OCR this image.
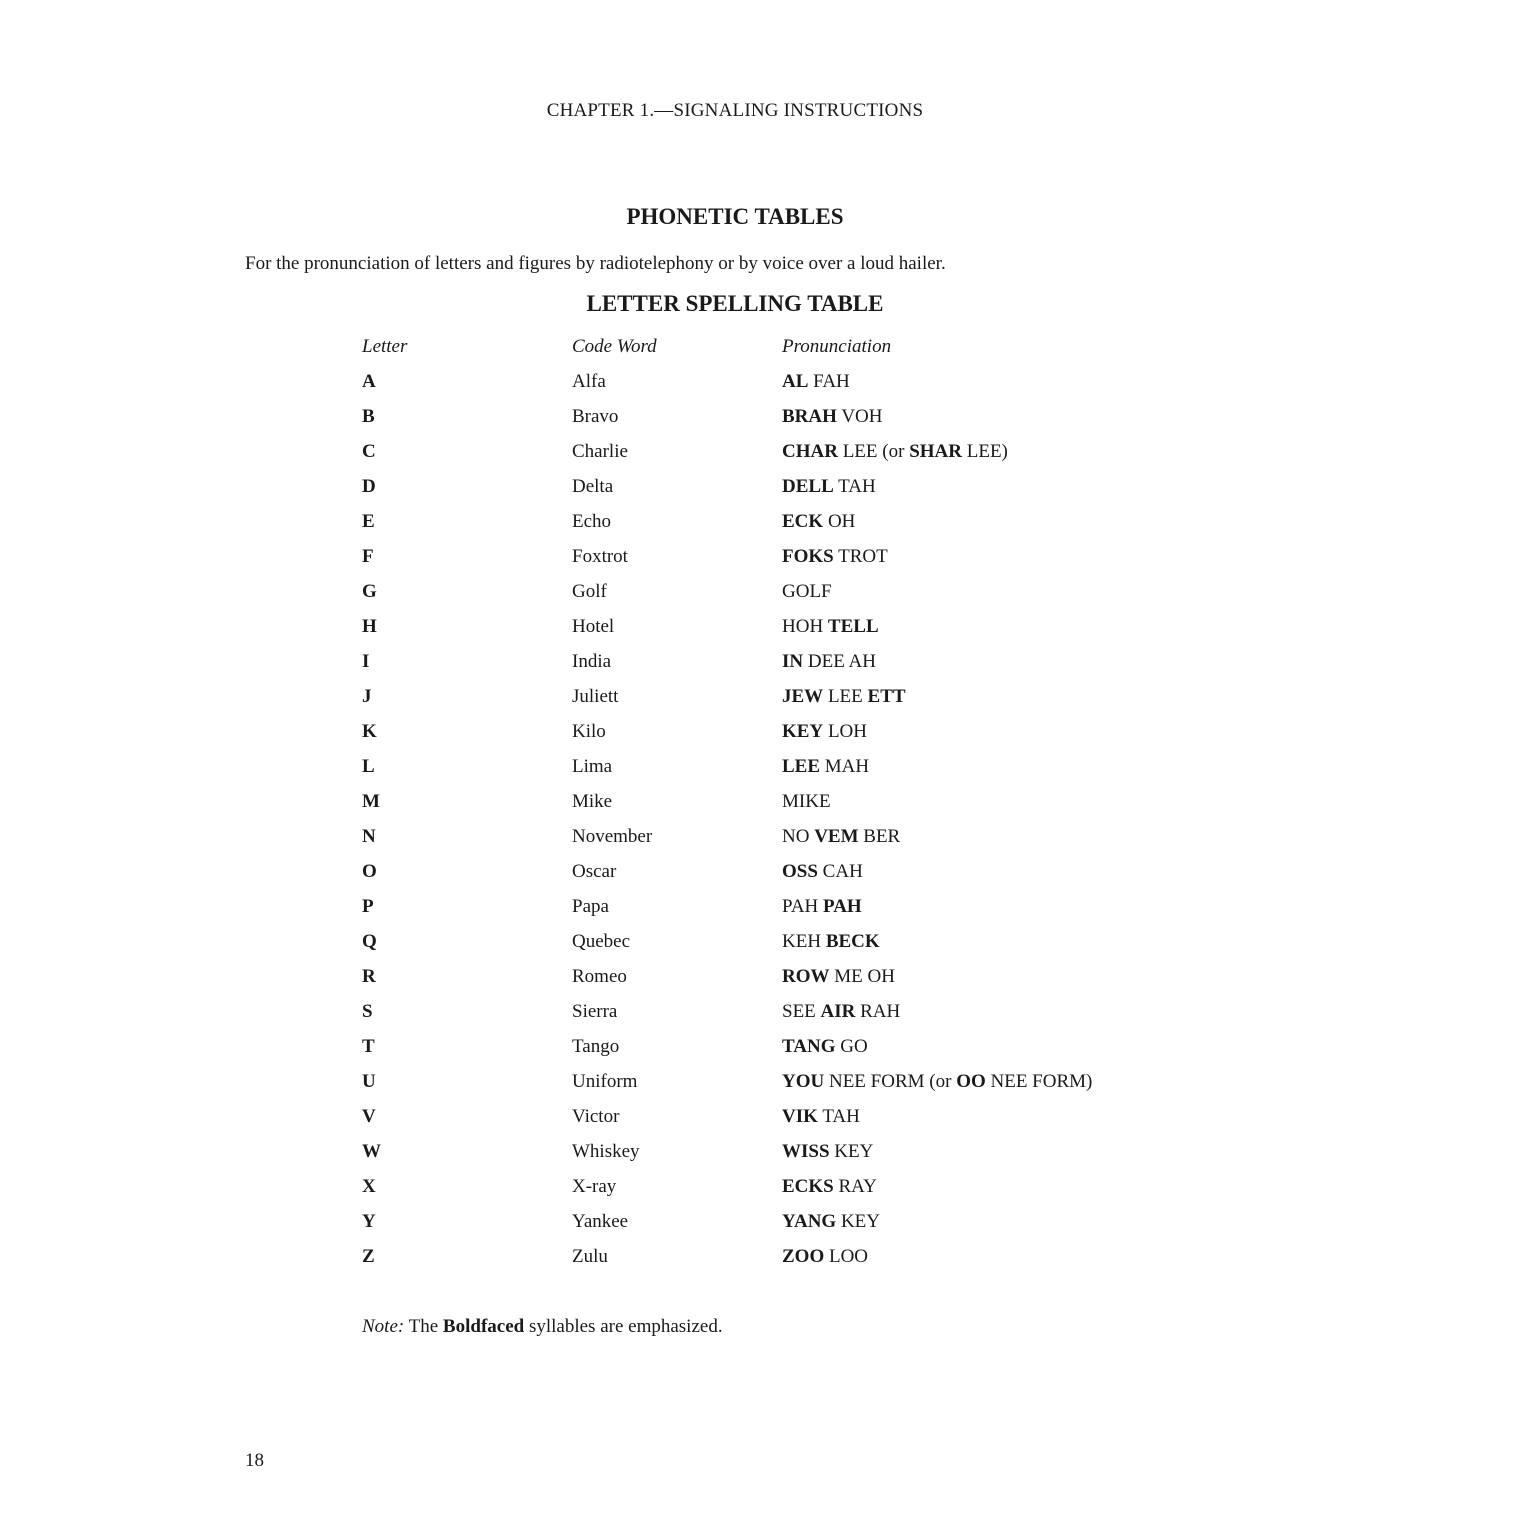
CHAPTER 1.—SIGNALING INSTRUCTIONS
PHONETIC TABLES
For the pronunciation of letters and figures by radiotelephony or by voice over a loud hailer.
LETTER SPELLING TABLE
Letter	Code Word	Pronunciation
A	Alfa	AL FAH
B	Bravo	BRAH VOH
C	Charlie	CHAR LEE (or SHAR LEE)
D	Delta	DELL TAH
E	Echo	ECK OH
F	Foxtrot	FOKS TROT
G	Golf	GOLF
H	Hotel	HOH TELL
I	India	IN DEE AH
J	Juliett	JEW LEE ETT
K	Kilo	KEY LOH
L	Lima	LEE MAH
M	Mike	MIKE
N	November	NO VEM BER
O	Oscar	OSS CAH
P	Papa	PAH PAH
Q	Quebec	KEH BECK
R	Romeo	ROW ME OH
S	Sierra	SEE AIR RAH
T	Tango	TANG GO
U	Uniform	YOU NEE FORM (or OO NEE FORM)
V	Victor	VIK TAH
W	Whiskey	WISS KEY
X	X-ray	ECKS RAY
Y	Yankee	YANG KEY
Z	Zulu	ZOO LOO
Note: The Boldfaced syllables are emphasized.
18
